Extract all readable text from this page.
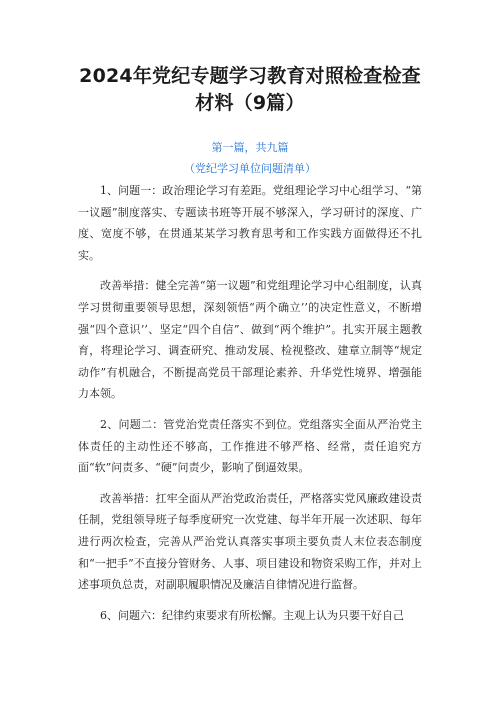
2024年党纪专题学习教育对照检查检查材料（9篇）
第一篇，共九篇
（党纪学习单位问题清单）

1、问题一：政治理论学习有差距。党组理论学习中心组学习、“第一议题”制度落实、专题读书班等开展不够深入，学习研讨的深度、广度、宽度不够，在贯通某某学习教育思考和工作实践方面做得还不扎实。

改善举措：健全完善“第一议题”和党组理论学习中心组制度，认真学习贯彻重要领导思想，深刻领悟“两个确立’’的决定性意义，不断增强“四个意识’’、坚定“四个自信”、做到“两个维护”。扎实开展主题教育，将理论学习、调查研究、推动发展、检视整改、建章立制等“规定动作”有机融合，不断提高党员干部理论素养、升华党性境界、增强能力本领。

2、问题二：管党治党责任落实不到位。党组落实全面从严治党主体责任的主动性还不够高，工作推进不够严格、经常，责任追究方面“软”问责多、“硬”问责少，影响了倒逼效果。

改善举措：扛牢全面从严治党政治责任，严格落实党风廉政建设责任制，党组领导班子每季度研究一次党建、每半年开展一次述职、每年进行两次检查，完善从严治党认真落实事项主要负责人末位表态制度和“一把手”不直接分管财务、人事、项目建设和物资采购工作，并对上述事项负总责，对副职履职情况及廉洁自律情况进行监督。

6、问题六：纪律约束要求有所松懈。主观上认为只要干好自己
